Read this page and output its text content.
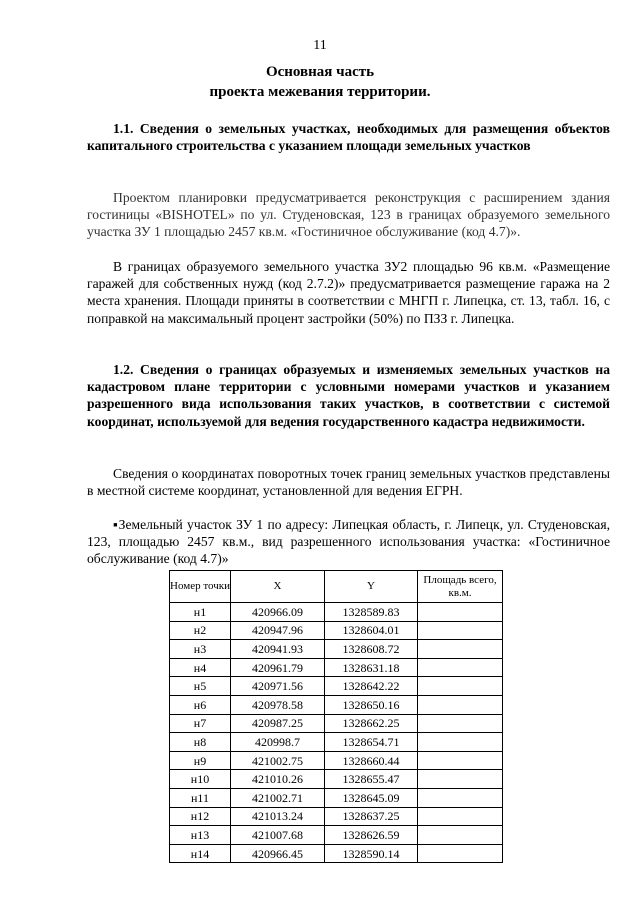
11
Основная часть
проекта межевания территории.
1.1. Сведения о земельных участках, необходимых для размещения объектов капитального строительства с указанием площади земельных участков
Проектом планировки предусматривается реконструкция с расширением здания гостиницы «BISHOTEL» по ул. Студеновская, 123 в границах образуемого земельного участка ЗУ 1 площадью 2457 кв.м. «Гостиничное обслуживание (код 4.7)».
В границах образуемого земельного участка ЗУ2 площадью 96 кв.м. «Размещение гаражей для собственных нужд (код 2.7.2)» предусматривается размещение гаража на 2 места хранения. Площади приняты в соответствии с МНГП г. Липецка, ст. 13, табл. 16, с поправкой на максимальный процент застройки (50%) по ПЗЗ г. Липецка.
1.2. Сведения о границах образуемых и изменяемых земельных участков на кадастровом плане территории с условными номерами участков и указанием разрешенного вида использования таких участков, в соответствии с системой координат, используемой для ведения государственного кадастра недвижимости.
Сведения о координатах поворотных точек границ земельных участков представлены в местной системе координат, установленной для ведения ЕГРН.
▪Земельный участок ЗУ 1 по адресу: Липецкая область, г. Липецк, ул. Студеновская, 123, площадью 2457 кв.м., вид разрешенного использования участка: «Гостиничное обслуживание (код 4.7)»
Номер точки	X	Y	Площадь всего, кв.м.
н1	420966.09	1328589.83	
н2	420947.96	1328604.01	
н3	420941.93	1328608.72	
н4	420961.79	1328631.18	
н5	420971.56	1328642.22	
н6	420978.58	1328650.16	
н7	420987.25	1328662.25	
н8	420998.7	1328654.71	
н9	421002.75	1328660.44	
н10	421010.26	1328655.47	
н11	421002.71	1328645.09	
н12	421013.24	1328637.25	
н13	421007.68	1328626.59	
н14	420966.45	1328590.14	
